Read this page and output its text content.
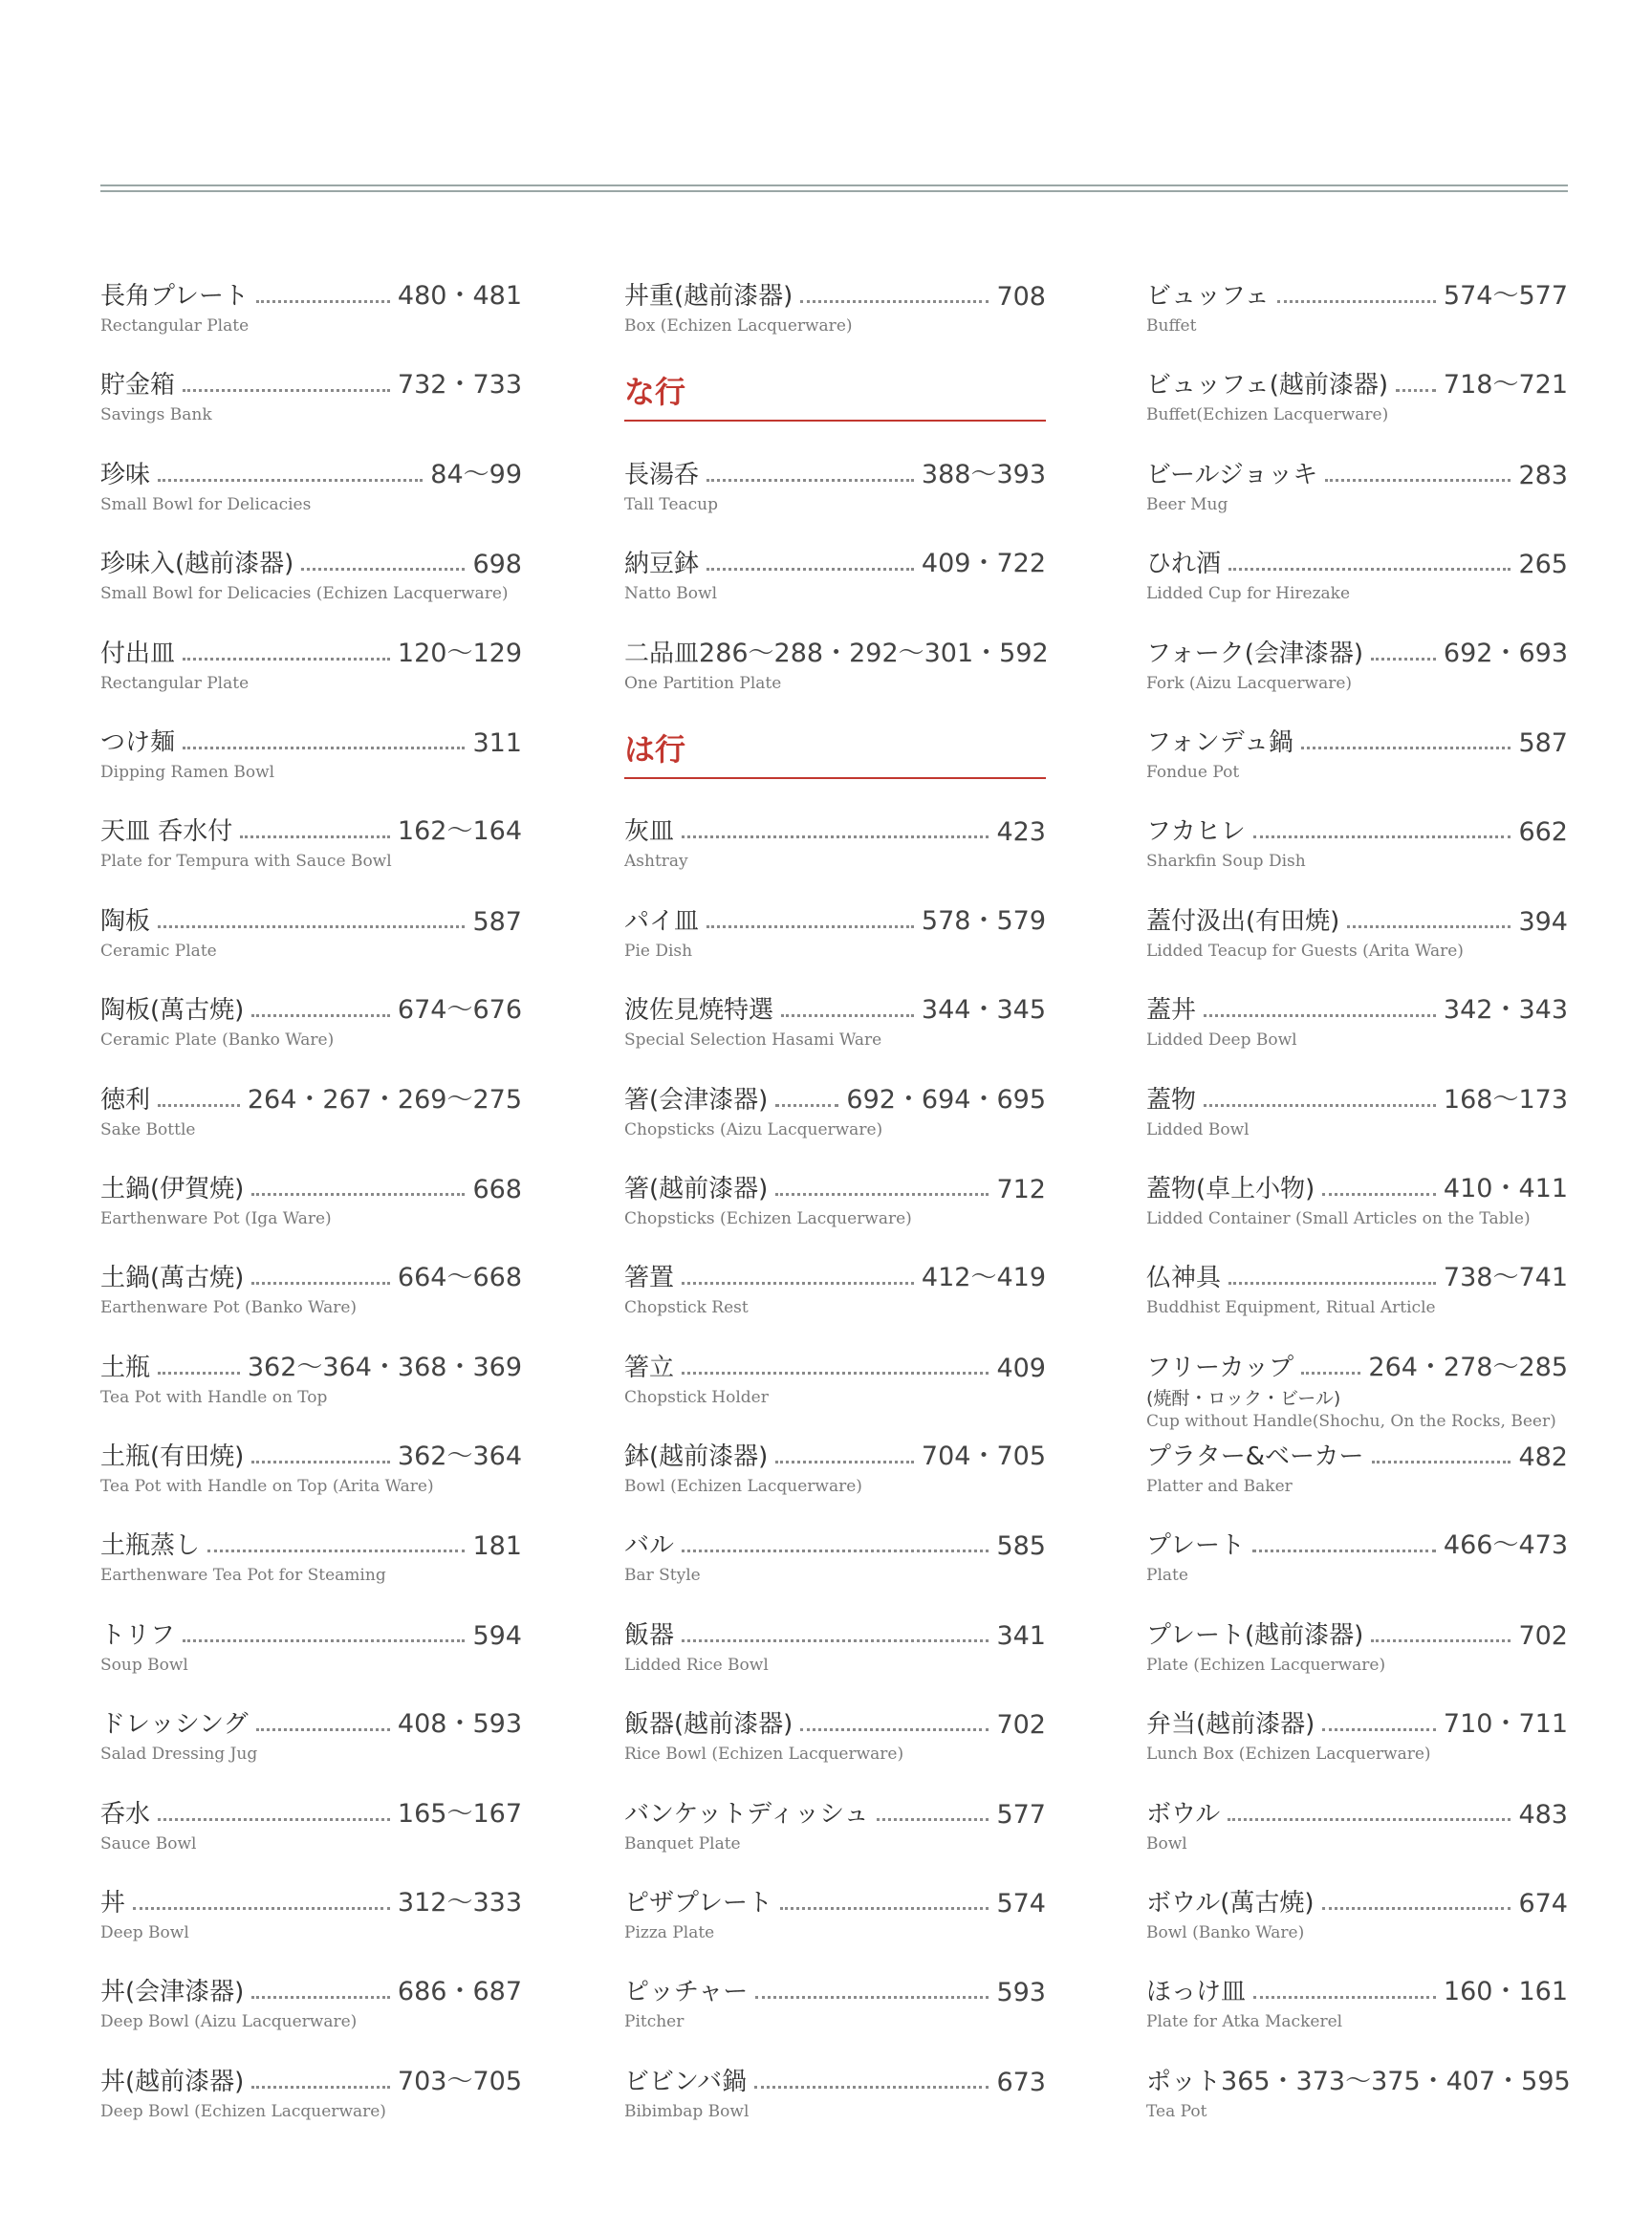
長角プレート	480・481
Rectangular Plate
貯金箱	732・733
Savings Bank
珍味	84～99
Small Bowl for Delicacies
珍味入(越前漆器)	698
Small Bowl for Delicacies (Echizen Lacquerware)
付出皿	120～129
Rectangular Plate
つけ麺	311
Dipping Ramen Bowl
天皿 呑水付	162～164
Plate for Tempura with Sauce Bowl
陶板	587
Ceramic Plate
陶板(萬古焼)	674～676
Ceramic Plate (Banko Ware)
徳利	264・267・269～275
Sake Bottle
土鍋(伊賀焼)	668
Earthenware Pot (Iga Ware)
土鍋(萬古焼)	664～668
Earthenware Pot (Banko Ware)
土瓶	362～364・368・369
Tea Pot with Handle on Top
土瓶(有田焼)	362～364
Tea Pot with Handle on Top (Arita Ware)
土瓶蒸し	181
Earthenware Tea Pot for Steaming
トリフ	594
Soup Bowl
ドレッシング	408・593
Salad Dressing Jug
呑水	165～167
Sauce Bowl
丼	312～333
Deep Bowl
丼(会津漆器)	686・687
Deep Bowl (Aizu Lacquerware)
丼(越前漆器)	703～705
Deep Bowl (Echizen Lacquerware)
丼重(越前漆器)	708
Box (Echizen Lacquerware)
な行
長湯呑	388～393
Tall Teacup
納豆鉢	409・722
Natto Bowl
二品皿 286～288・292～301・592
One Partition Plate
は行
灰皿	423
Ashtray
パイ皿	578・579
Pie Dish
波佐見焼特選	344・345
Special Selection Hasami Ware
箸(会津漆器)	692・694・695
Chopsticks (Aizu Lacquerware)
箸(越前漆器)	712
Chopsticks (Echizen Lacquerware)
箸置	412～419
Chopstick Rest
箸立	409
Chopstick Holder
鉢(越前漆器)	704・705
Bowl (Echizen Lacquerware)
バル	585
Bar Style
飯器	341
Lidded Rice Bowl
飯器(越前漆器)	702
Rice Bowl (Echizen Lacquerware)
バンケットディッシュ	577
Banquet Plate
ピザプレート	574
Pizza Plate
ピッチャー	593
Pitcher
ビビンバ鍋	673
Bibimbap Bowl
ビュッフェ	574～577
Buffet
ビュッフェ(越前漆器) 718～721
Buffet(Echizen Lacquerware)
ビールジョッキ	283
Beer Mug
ひれ酒	265
Lidded Cup for Hirezake
フォーク(会津漆器)	692・693
Fork (Aizu Lacquerware)
フォンデュ鍋	587
Fondue Pot
フカヒレ	662
Sharkfin Soup Dish
蓋付汲出(有田焼)	394
Lidded Teacup for Guests (Arita Ware)
蓋丼	342・343
Lidded Deep Bowl
蓋物	168～173
Lidded Bowl
蓋物(卓上小物)	410・411
Lidded Container (Small Articles on the Table)
仏神具	738～741
Buddhist Equipment, Ritual Article
フリーカップ	264・278～285
(焼酎・ロック・ビール)
Cup without Handle(Shochu, On the Rocks, Beer)
プラター&ベーカー	482
Platter and Baker
プレート	466～473
Plate
プレート(越前漆器)	702
Plate (Echizen Lacquerware)
弁当(越前漆器)	710・711
Lunch Box (Echizen Lacquerware)
ボウル	483
Bowl
ボウル(萬古焼)	674
Bowl (Banko Ware)
ほっけ皿	160・161
Plate for Atka Mackerel
ポット 365・373～375・407・595
Tea Pot
